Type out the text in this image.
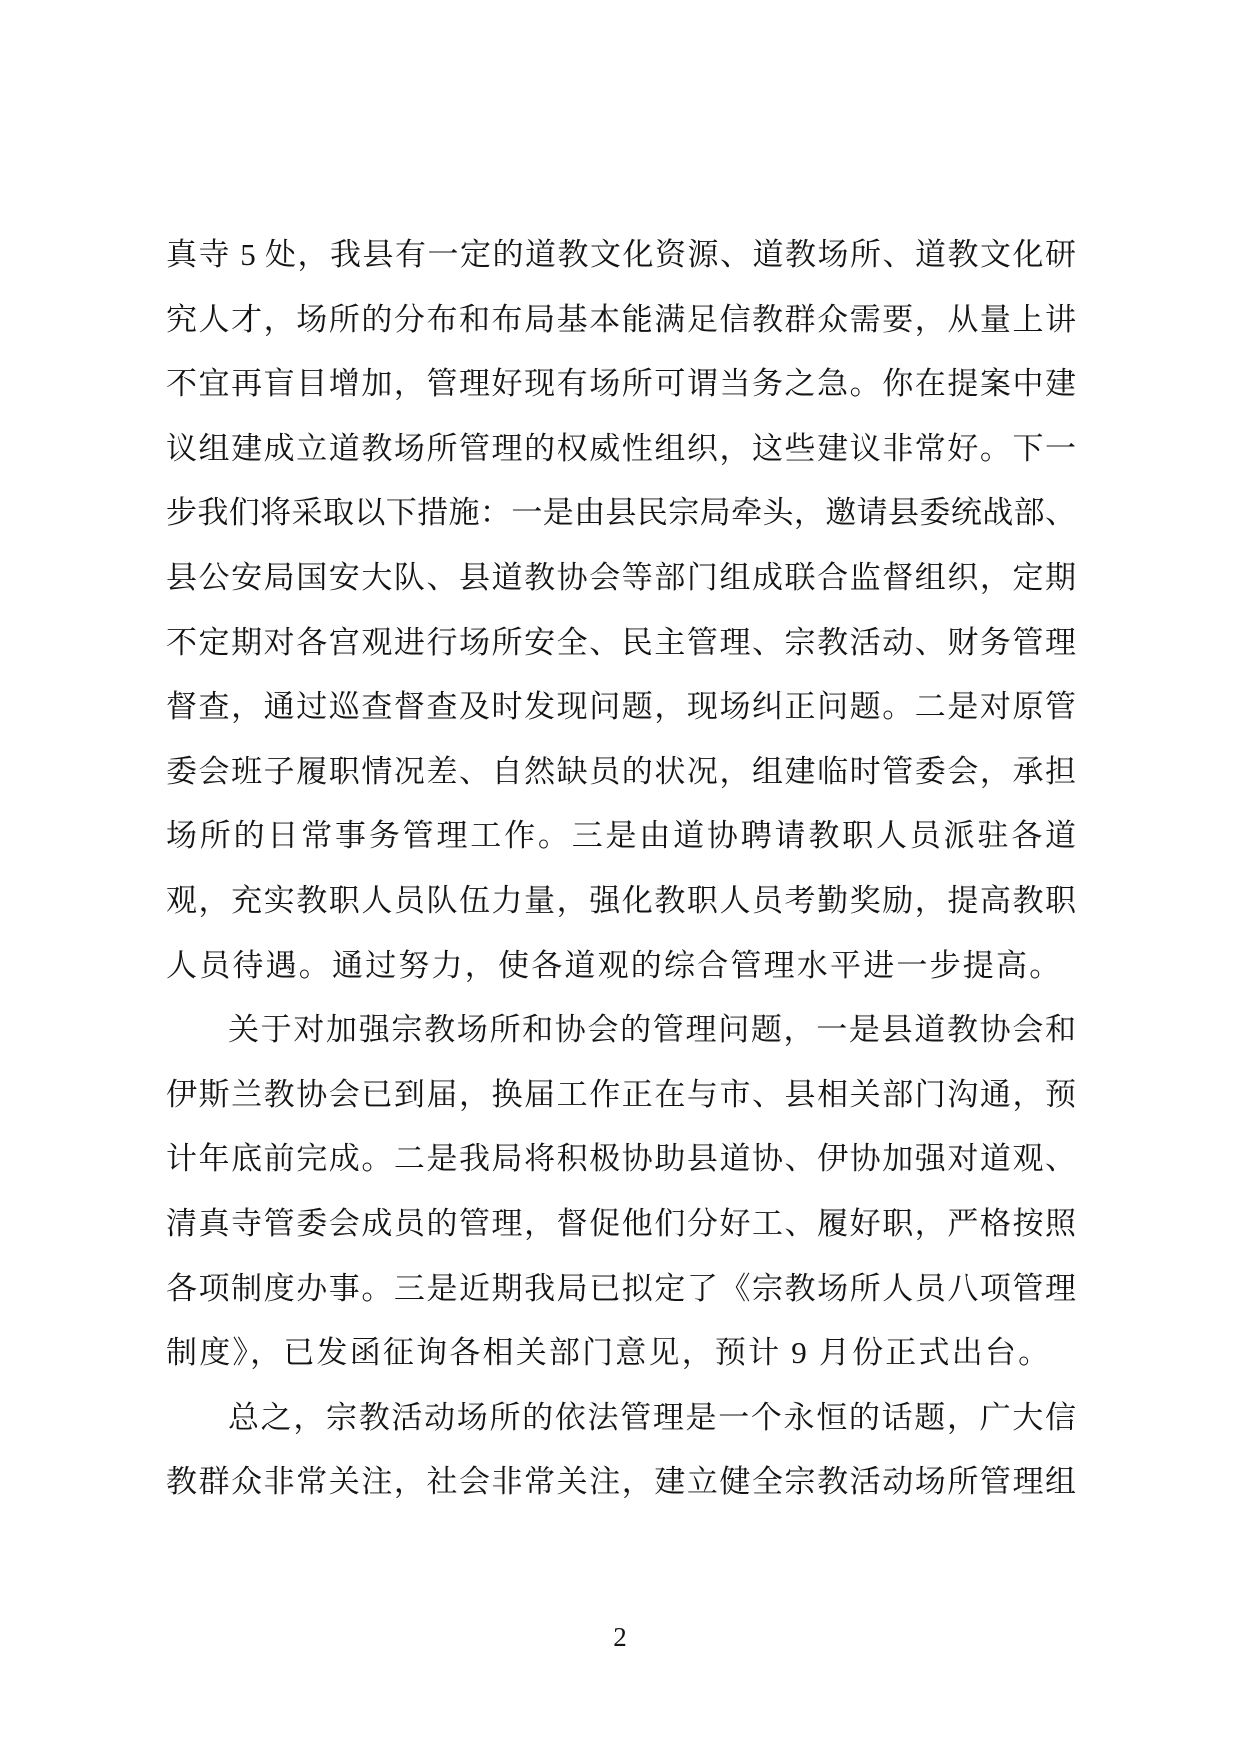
真寺 5 处，我县有一定的道教文化资源、道教场所、道教文化研
究人才，场所的分布和布局基本能满足信教群众需要，从量上讲
不宜再盲目增加，管理好现有场所可谓当务之急。你在提案中建
议组建成立道教场所管理的权威性组织，这些建议非常好。下一
步我们将采取以下措施：一是由县民宗局牵头，邀请县委统战部、
县公安局国安大队、县道教协会等部门组成联合监督组织，定期
不定期对各宫观进行场所安全、民主管理、宗教活动、财务管理
督查，通过巡查督查及时发现问题，现场纠正问题。二是对原管
委会班子履职情况差、自然缺员的状况，组建临时管委会，承担
场所的日常事务管理工作。三是由道协聘请教职人员派驻各道
观，充实教职人员队伍力量，强化教职人员考勤奖励，提高教职
人员待遇。通过努力，使各道观的综合管理水平进一步提高。
关于对加强宗教场所和协会的管理问题，一是县道教协会和
伊斯兰教协会已到届，换届工作正在与市、县相关部门沟通，预
计年底前完成。二是我局将积极协助县道协、伊协加强对道观、
清真寺管委会成员的管理，督促他们分好工、履好职，严格按照
各项制度办事。三是近期我局已拟定了《宗教场所人员八项管理
制度》，已发函征询各相关部门意见，预计 9 月份正式出台。
总之，宗教活动场所的依法管理是一个永恒的话题，广大信
教群众非常关注，社会非常关注，建立健全宗教活动场所管理组
2
